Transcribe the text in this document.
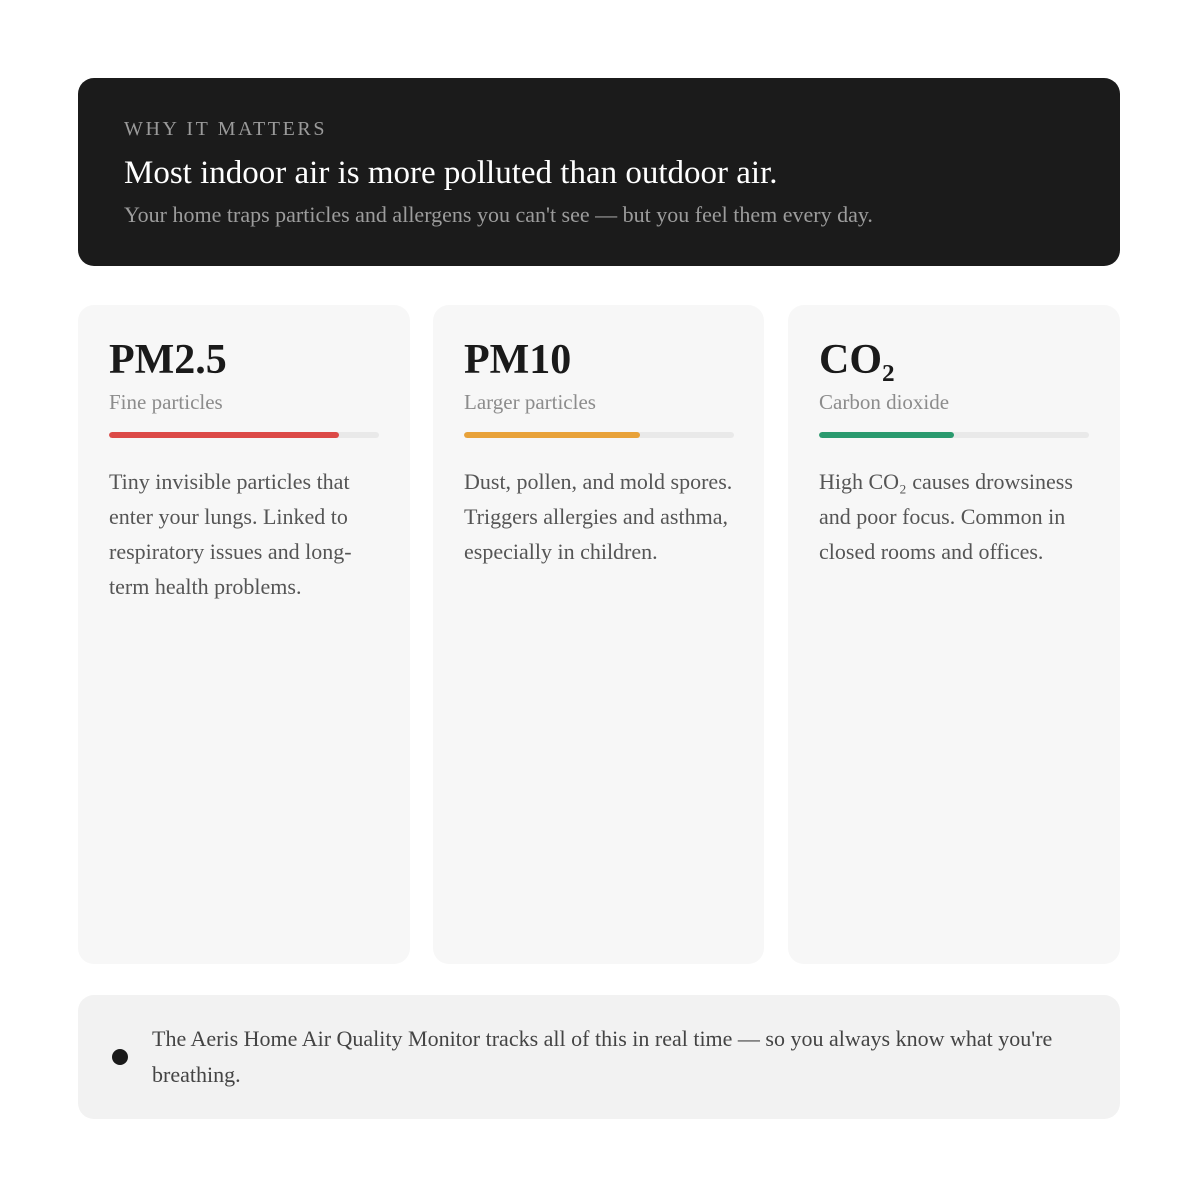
WHY IT MATTERS

Most indoor air is more polluted than outdoor air.

Your home traps particles and allergens you can't see — but you feel them every day.

PM2.5

Fine particles

Tiny invisible particles that enter your lungs. Linked to respiratory issues and long-term health problems.

PM10

Larger particles

Dust, pollen, and mold spores. Triggers allergies and asthma, especially in children.

CO₂

Carbon dioxide

High CO₂ causes drowsiness and poor focus. Common in closed rooms and offices.

The Aeris Home Air Quality Monitor tracks all of this in real time — so you always know what you're breathing.
